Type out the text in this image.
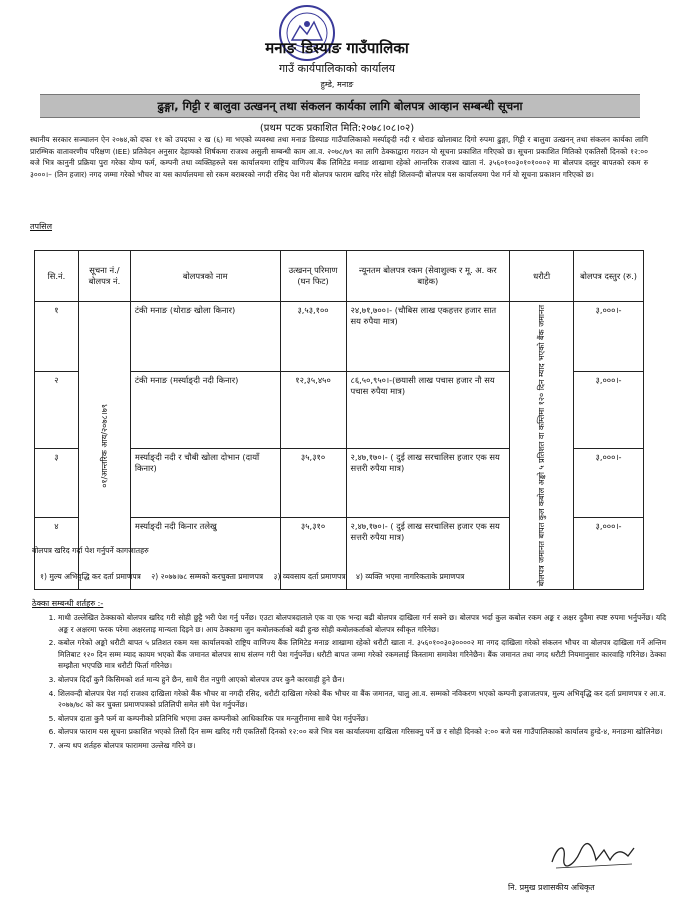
मनाङ डिस्याङ गाउँपालिका
गाउँ कार्यपालिकाको कार्यालय
हुम्डे, मनाङ
ढुङ्गा, गिट्टी र बालुवा उत्खनन् तथा संकलन कार्यका लागि बोलपत्र आव्हान सम्बन्धी सूचना
(प्रथम पटक प्रकाशित मिति:२०७८।०८।०२)
स्थानीय सरकार सञ्चालन ऐन २०७४,को दफा ११ को उपदफा २ ख (६) मा भएको व्यवस्था तथा मनाङ डिस्याङ गाउँपालिकाको मर्स्याङ्दी नदी र थोराङ खोलाबाट दिगो रुपमा ढुङ्गा, गिट्टी र बालुवा उत्खनन् तथा संकलन कार्यका लागि प्रारम्भिक वातावरणीय परिक्षण (IEE) प्रतिवेदन अनुसार देहायको शिर्षकमा राजश्व असुली सम्बन्धी काम आ.व. २०७८/७९ का लागि ठेक्काद्वारा गराउन यो सूचना प्रकाशित गरिएको छ। सूचना प्रकाशित मितिको एकतिसौं दिनको १२:०० बजे भित्र कानुनी प्रक्रिया पुरा गरेका योग्य फर्म, कम्पनी तथा व्यक्तिहरुले यस कार्यालयमा राष्ट्रिय वाणिज्य बैंक लिमिटेड मनाङ शाखामा रहेको आन्तरिक राजश्व खाता नं. ३५६०१००३०१०१०००२ मा बोलपत्र दस्तुर बापतको रकम रु ३०००।– (तिन हजार) नगद जम्मा गरेको भौचर वा यस कार्यालयमा सो रकम बराबरको नगदी रसिद पेश गरी बोलपत्र फाराम खरिद गरेर सोही शिलवन्दी बोलपत्र यस कार्यालयमा पेश गर्न यो सूचना प्रकाशन गरिएको छ।
तपसिल
सि.नं.	सूचना नं./ बोलपत्र नं.	बोलपत्रको नाम	उत्खनन् परिमाण (घन फिट)	न्यूनतम बोलपत्र रकम (सेवाशुल्क र मू. अ. कर बाहेक)	धरौटी	बोलपत्र दस्तुर (रु.)
१	०१/आन्तरिक आय/२०७८।७९	टंकी मनाङ (थोराङ खोला किनार)	३,५३,१००	२४,७१,७००।- (चौबिस लाख एकहत्तर हजार सात सय रुपैया मात्र)	बोलपत्र जमानत बापत कुल कबोल अङ्को ५ प्रतिशत वा कम्तिमा १२० दिन म्याद भएको बैंक जमानत	३,०००।-
२		टंकी मनाङ (मर्स्याङ्दी नदी किनार)	१२,३५,४५०	८६,५०,९५०।-(छयासी लाख पचास हजार नौ सय पचास रुपैया मात्र)		३,०००।-
३		मर्स्याङ्दी नदी र चौबी खोला दोभान (दायाँ किनार)	३५,३१०	२,४७,१७०।- ( दुई लाख सरचालिस हजार एक सय सत्तरी रुपैया मात्र)		३,०००।-
४		मर्स्याङ्दी नदी किनार तलेखु	३५,३१०	२,४७,१७०।- ( दुई लाख सरचालिस हजार एक सय सत्तरी रुपैया मात्र)		३,०००।-
बोलपत्र खरिद गर्दा पेश गर्नुपर्ने कागजातहरु
१) मुल्य अभिवृद्धि कर दर्ता प्रमाणपत्र २) २०७७।७८ सम्मको करचुक्ता प्रमाणपत्र ३) व्यवसाय दर्ता प्रमाणपत्र ४) व्यक्ति भएमा नागरिकताके प्रमाणपत्र
ठेक्का सम्बन्धी शर्तहरु :-
1. माथी उल्लेखित ठेक्काको बोलपत्र खरिद गरी सोही छुट्टै भरी पेश गर्नु पर्नेछ। एउटा बोलपत्रदाताले एक वा एक भन्दा बढी बोलपत्र दाखिला गर्न सक्ने छ। बोलपत्र भर्दा कुल कबोल रकम अङ्क र अक्षर दुवैमा स्पष्ट रुपमा भर्नुपर्नेछ। यदि अङ्क र अक्षरमा फरक परेमा अक्षरलाइ मान्यता दिइने छ। आय ठेक्कामा जुन कबोलकर्ताको बढी हुन्छ सोही कबोलकर्ताको बोलपत्र स्वीकृत गरिनेछ।
2. कबोल गरेको अङ्को धरौटी बापत ५ प्रतिशत रकम यस कार्यालयको राष्ट्रिय वाणिज्य बैंक लिमिटेड मनाङ शाखामा रहेको धरौटी खाता नं. ३५६०१००३०३००००२ मा नगद दाखिला गरेको संकलन भौचर वा बोलपत्र दाखिला गर्ने अन्तिम मितिबाट १२० दिन सम्म म्याद कायम भएको बैंक जमानत बोलपत्र साथ संलग्न गरी पेश गर्नुपर्नेछ। धरौटी बापत जम्मा गरेको रकमलाई किस्तामा समावेश गरिनेछैन। बैंक जमानत तथा नगद धरौटी नियमानुसार कारवाहि गरिनेछ। ठेक्का सम्झौता भएपछि मात्र धरौटी फिर्ता गरिनेछ।
3. बोलपत्र दिदाँ कुनै किसिमको शर्त मान्य हुने छैन, साथै रीत नपुगी आएको बोलपत्र उपर कुनै कारवाही हुने छैन।
4. शिलवन्दी बोलपत्र पेश गर्दा राजश्व दाखिला गरेको बैंक भौचर वा नगदी रसिद, धरौटी दाखिला गरेको बैंक भौचर वा बैंक जमानत, चालु आ.व. सम्मको नविकरण भएको कम्पनी इजाजतपत्र, मुल्य अभिवृद्धि कर दर्ता प्रमाणपत्र र आ.व. २०७७/७८ को कर चुक्ता प्रमाणपत्रको प्रतिलिपी समेत संगै पेश गर्नुपर्नेछ।
5. बोलपत्र दाता कुनै फर्म वा कम्पनीको प्रतिनिधि भएमा उक्त कम्पनीको आधिकारिक पत्र मन्जुरीनामा साथै पेश गर्नुपर्नेछ।
6. बोलपत्र फाराम यस सूचना प्रकाशित भएको तिसौं दिन सम्म खरिद गरी एकतिसौं दिनको १२:०० बजे भित्र यस कार्यालयमा दाखिला गरिसक्नु पर्ने छ र सोही दिनको २:०० बजे यस गाउँपालिकाको कार्यालय हुम्डे-४, मनाङमा खोलिनेछ।
7. अन्य थप शर्तहरु बोलपत्र फाराममा उल्लेख गरिने छ।
नि. प्रमुख प्रशासकीय अधिकृत
